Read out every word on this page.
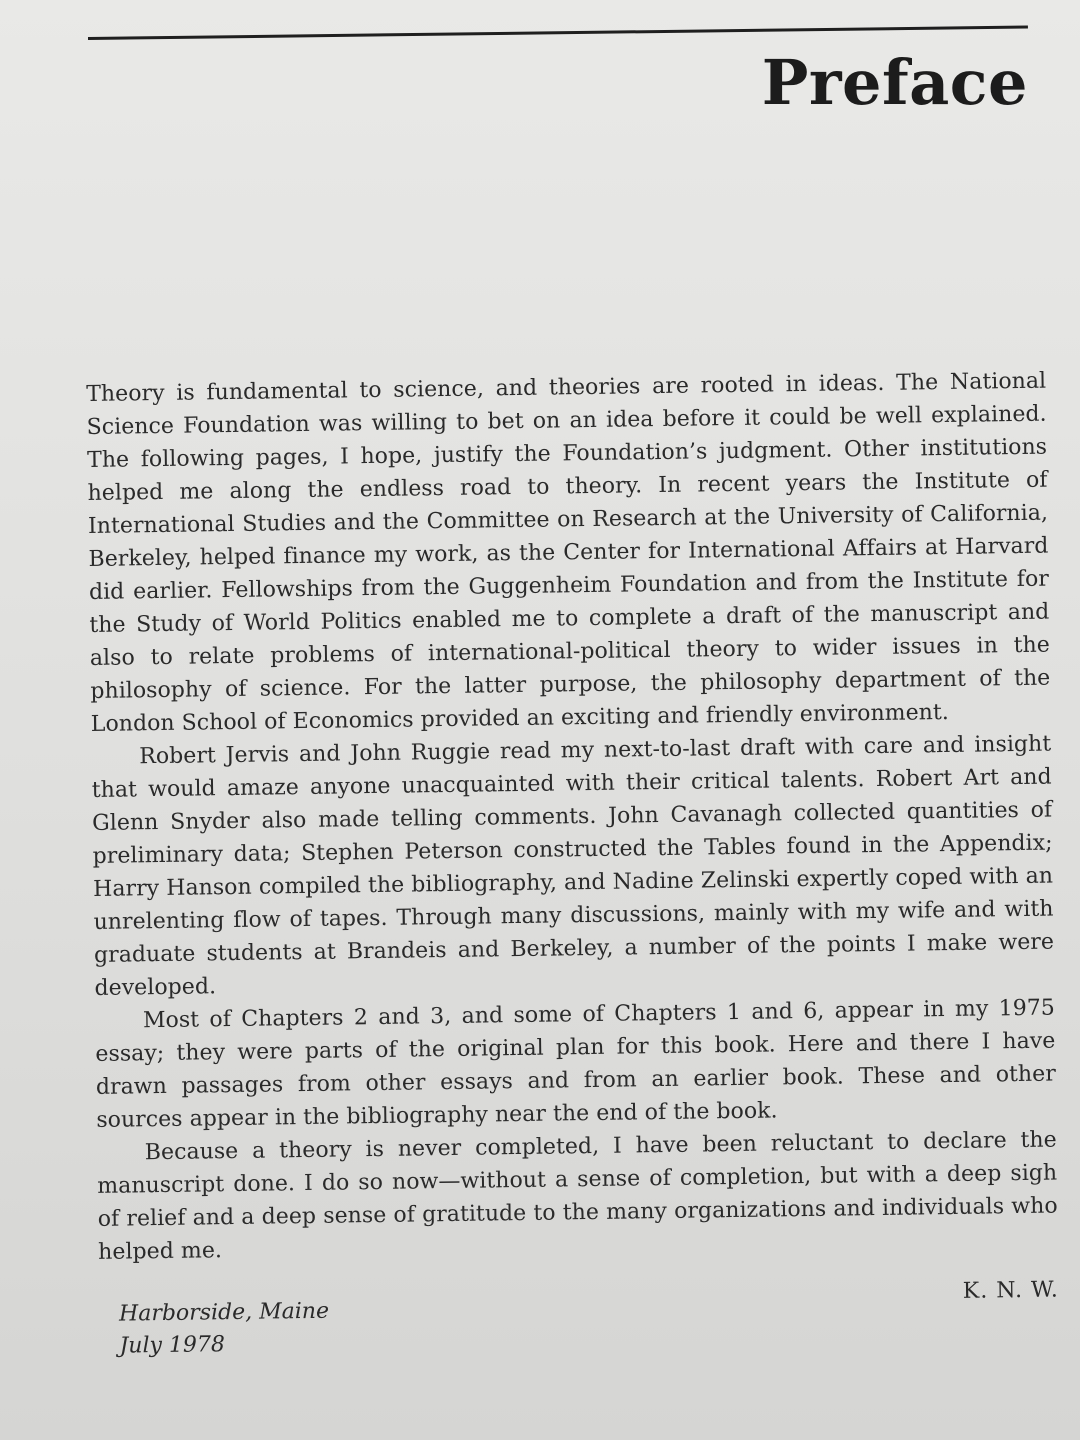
Preface

Theory is fundamental to science, and theories are rooted in ideas. The National Science Foundation was willing to bet on an idea before it could be well explained. The following pages, I hope, justify the Foundation’s judgment. Other institutions helped me along the endless road to theory. In recent years the Institute of International Studies and the Committee on Research at the University of California, Berkeley, helped finance my work, as the Center for International Affairs at Harvard did earlier. Fellowships from the Guggenheim Foundation and from the Institute for the Study of World Politics enabled me to complete a draft of the manuscript and also to relate problems of international-political theory to wider issues in the philosophy of science. For the latter purpose, the philosophy department of the London School of Economics provided an exciting and friendly environment.

Robert Jervis and John Ruggie read my next-to-last draft with care and insight that would amaze anyone unacquainted with their critical talents. Robert Art and Glenn Snyder also made telling comments. John Cavanagh collected quantities of preliminary data; Stephen Peterson constructed the Tables found in the Appendix; Harry Hanson compiled the bibliography, and Nadine Zelinski expertly coped with an unrelenting flow of tapes. Through many discussions, mainly with my wife and with graduate students at Brandeis and Berkeley, a number of the points I make were developed.

Most of Chapters 2 and 3, and some of Chapters 1 and 6, appear in my 1975 essay; they were parts of the original plan for this book. Here and there I have drawn passages from other essays and from an earlier book. These and other sources appear in the bibliography near the end of the book.

Because a theory is never completed, I have been reluctant to declare the manuscript done. I do so now—without a sense of completion, but with a deep sigh of relief and a deep sense of gratitude to the many organizations and individuals who helped me.

K. N. W.
Harborside, Maine
July 1978
